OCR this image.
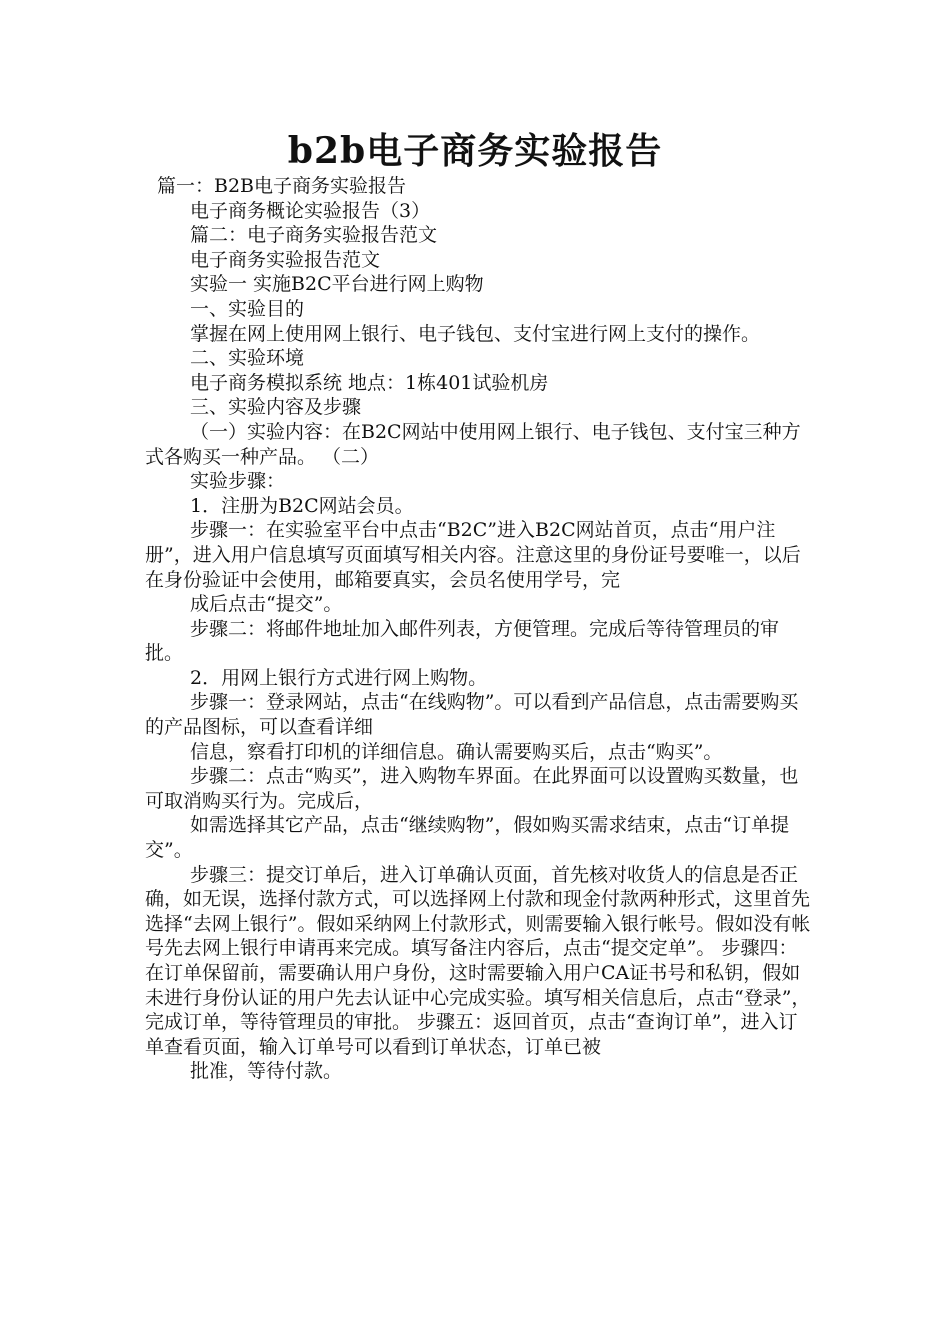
b2b电子商务实验报告

篇一：B2B电子商务实验报告

电子商务概论实验报告（3）

篇二：电子商务实验报告范文

电子商务实验报告范文

实验一 实施B2C平台进行网上购物

一、实验目的

掌握在网上使用网上银行、电子钱包、支付宝进行网上支付的操作。

二、实验环境

电子商务模拟系统 地点：1栋401试验机房

三、实验内容及步骤

（一）实验内容：在B2C网站中使用网上银行、电子钱包、支付宝三种方式各购买一种产品。 （二）

实验步骤：

1．注册为B2C网站会员。

步骤一：在实验室平台中点击“B2C”进入B2C网站首页，点击“用户注册”，进入用户信息填写页面填写相关内容。注意这里的身份证号要唯一，以后在身份验证中会使用，邮箱要真实，会员名使用学号，完

成后点击“提交”。

步骤二：将邮件地址加入邮件列表，方便管理。完成后等待管理员的审批。

2．用网上银行方式进行网上购物。

步骤一：登录网站，点击“在线购物”。可以看到产品信息，点击需要购买的产品图标，可以查看详细

信息，察看打印机的详细信息。确认需要购买后，点击“购买”。

步骤二：点击“购买”，进入购物车界面。在此界面可以设置购买数量，也可取消购买行为。完成后，

如需选择其它产品，点击“继续购物”，假如购买需求结束，点击“订单提交”。

步骤三：提交订单后，进入订单确认页面，首先核对收货人的信息是否正确，如无误，选择付款方式，可以选择网上付款和现金付款两种形式，这里首先选择“去网上银行”。假如采纳网上付款形式，则需要输入银行帐号。假如没有帐号先去网上银行申请再来完成。填写备注内容后，点击“提交定单”。 步骤四：在订单保留前，需要确认用户身份，这时需要输入用户CA证书号和私钥，假如未进行身份认证的用户先去认证中心完成实验。填写相关信息后，点击“登录”，完成订单，等待管理员的审批。 步骤五：返回首页，点击“查询订单”，进入订单查看页面，输入订单号可以看到订单状态，订单已被

批准，等待付款。
